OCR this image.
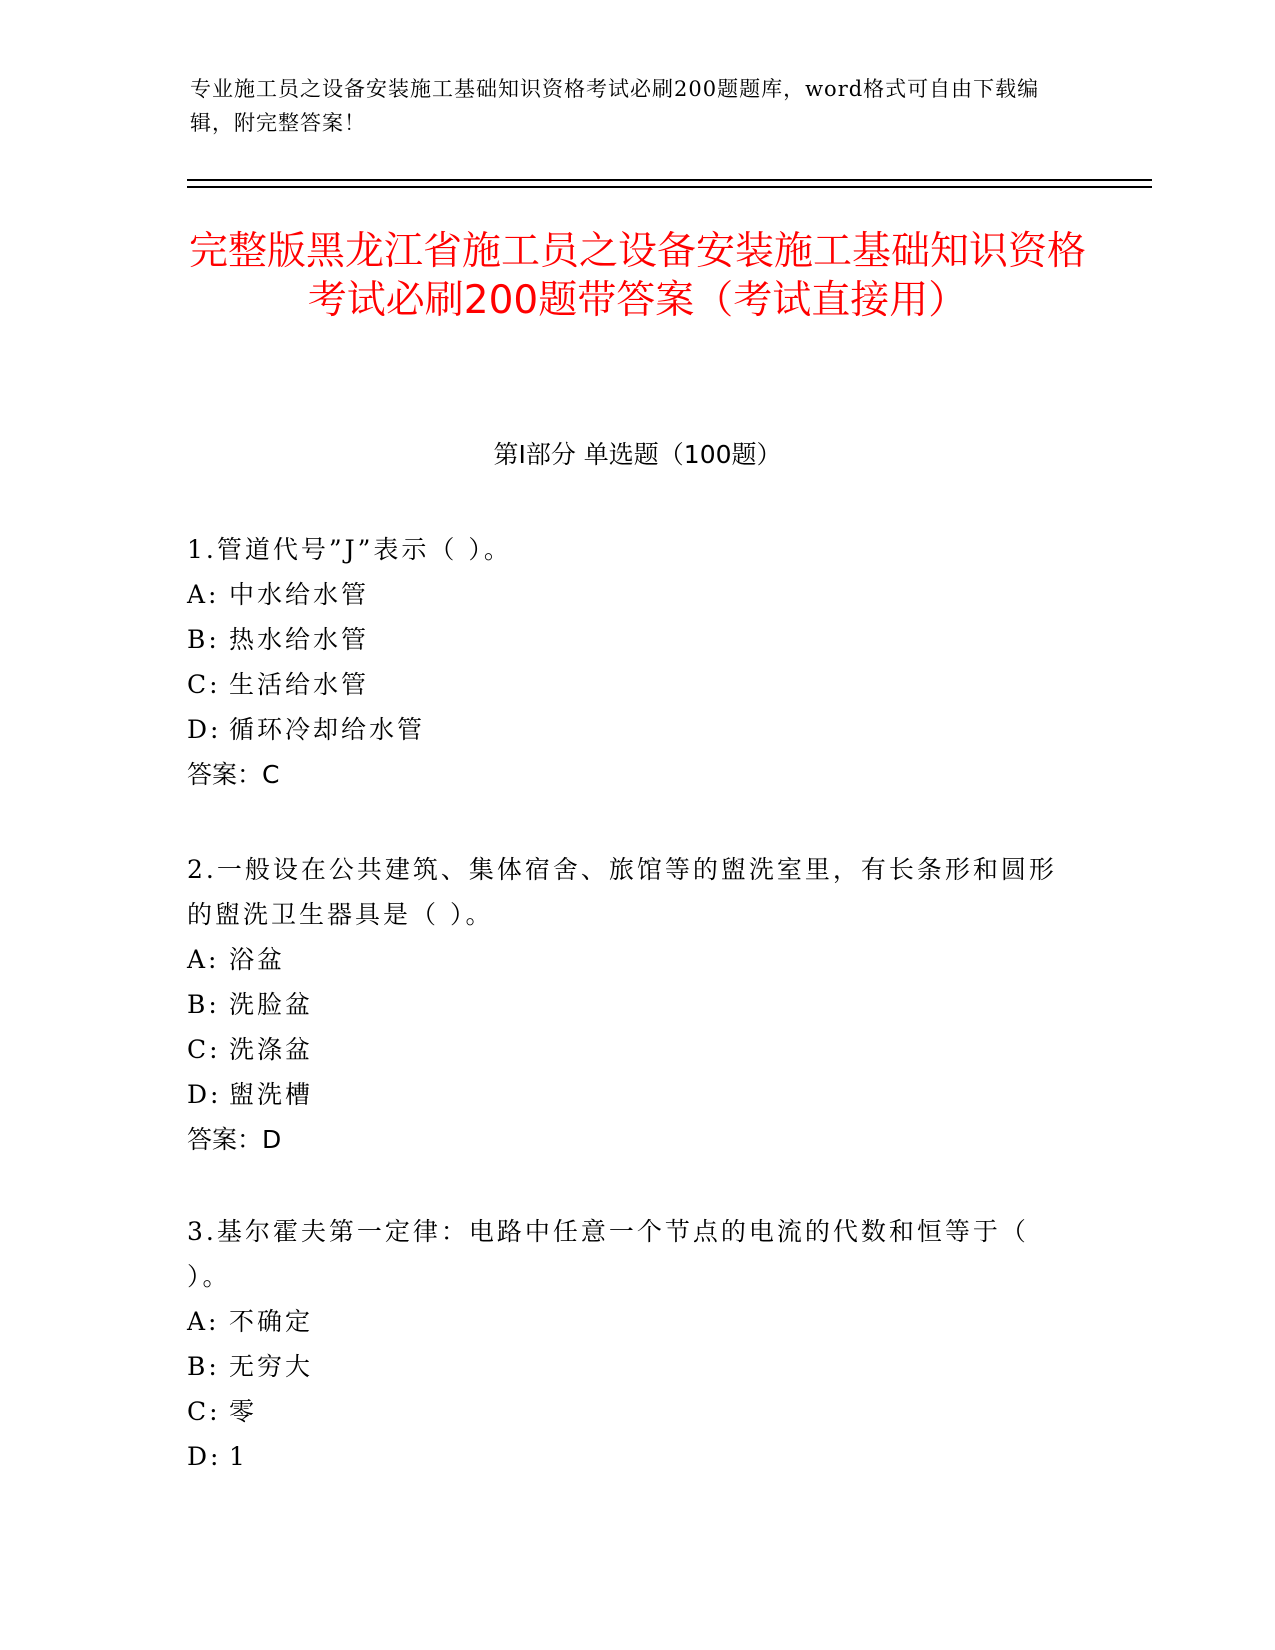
专业施工员之设备安装施工基础知识资格考试必刷200题题库，word格式可自由下载编辑，附完整答案！

完整版黑龙江省施工员之设备安装施工基础知识资格考试必刷200题带答案（考试直接用）
第Ⅰ部分 单选题（100题）

1.管道代号”J”表示（ ）。

A: 中水给水管

B: 热水给水管

C: 生活给水管

D: 循环冷却给水管

答案：C

2.一般设在公共建筑、集体宿舍、旅馆等的盥洗室里，有长条形和圆形的盥洗卫生器具是（ ）。

A: 浴盆

B: 洗脸盆

C: 洗涤盆

D: 盥洗槽

答案：D

3.基尔霍夫第一定律：电路中任意一个节点的电流的代数和恒等于（ ）。

A: 不确定

B: 无穷大

C: 零

D: 1
